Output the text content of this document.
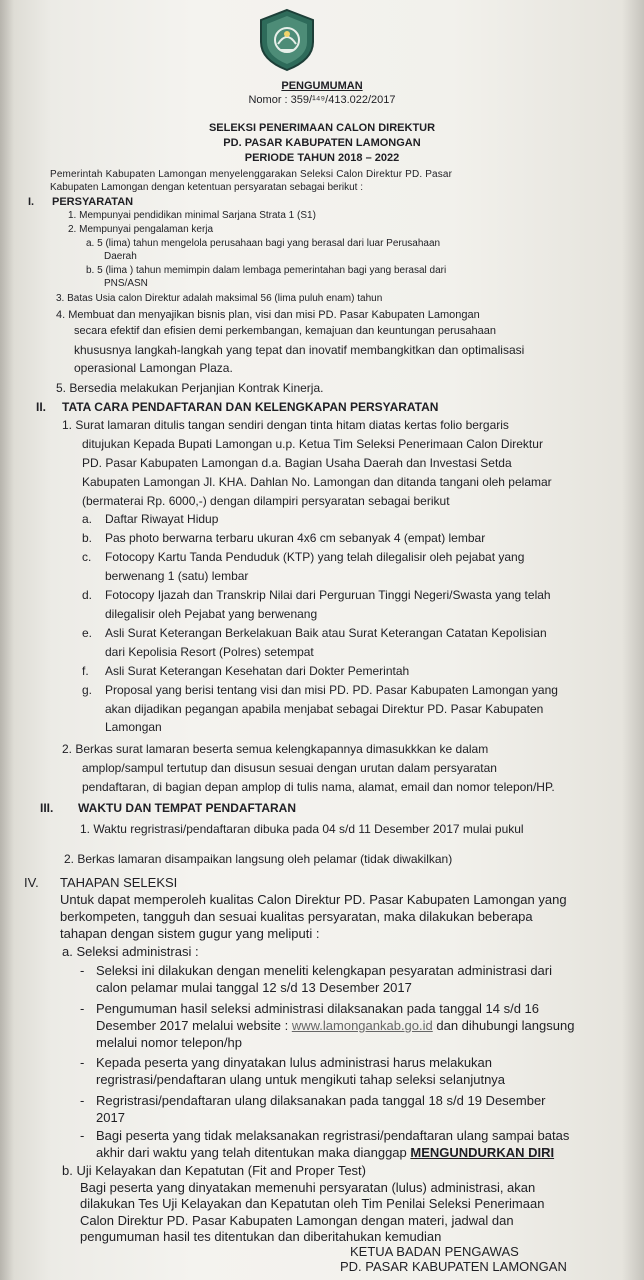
PENGUMUMAN
Nomor : 359/¹⁴⁹/413.022/2017
SELEKSI PENERIMAAN CALON DIREKTUR
PD. PASAR KABUPATEN LAMONGAN
PERIODE TAHUN 2018 – 2022
Pemerintah Kabupaten Lamongan menyelenggarakan Seleksi Calon Direktur PD. Pasar
Kabupaten Lamongan dengan ketentuan persyaratan sebagai berikut :
I. PERSYARATAN
1. Mempunyai pendidikan minimal Sarjana Strata 1 (S1)
2. Mempunyai pengalaman kerja
a. 5 (lima) tahun mengelola perusahaan bagi yang berasal dari luar Perusahaan
Daerah
b. 5 (lima ) tahun memimpin dalam lembaga pemerintahan bagi yang berasal dari
PNS/ASN
3. Batas Usia calon Direktur adalah maksimal 56 (lima puluh enam) tahun
4. Membuat dan menyajikan bisnis plan, visi dan misi PD. Pasar Kabupaten Lamongan
secara efektif dan efisien demi perkembangan, kemajuan dan keuntungan perusahaan
khususnya langkah-langkah yang tepat dan inovatif membangkitkan dan optimalisasi
operasional Lamongan Plaza.
5. Bersedia melakukan Perjanjian Kontrak Kinerja.
II. TATA CARA PENDAFTARAN DAN KELENGKAPAN PERSYARATAN
1. Surat lamaran ditulis tangan sendiri dengan tinta hitam diatas kertas folio bergaris
ditujukan Kepada Bupati Lamongan u.p. Ketua Tim Seleksi Penerimaan Calon Direktur
PD. Pasar Kabupaten Lamongan d.a. Bagian Usaha Daerah dan Investasi Setda
Kabupaten Lamongan Jl. KHA. Dahlan No. Lamongan dan ditanda tangani oleh pelamar
(bermaterai Rp. 6000,-) dengan dilampiri persyaratan sebagai berikut
a. Daftar Riwayat Hidup
b. Pas photo berwarna terbaru ukuran 4x6 cm sebanyak 4 (empat) lembar
c. Fotocopy Kartu Tanda Penduduk (KTP) yang telah dilegalisir oleh pejabat yang
berwenang 1 (satu) lembar
d. Fotocopy Ijazah dan Transkrip Nilai dari Perguruan Tinggi Negeri/Swasta yang telah
dilegalisir oleh Pejabat yang berwenang
e. Asli Surat Keterangan Berkelakuan Baik atau Surat Keterangan Catatan Kepolisian
dari Kepolisia Resort (Polres) setempat
f. Asli Surat Keterangan Kesehatan dari Dokter Pemerintah
g. Proposal yang berisi tentang visi dan misi PD. PD. Pasar Kabupaten Lamongan yang
akan dijadikan pegangan apabila menjabat sebagai Direktur PD. Pasar Kabupaten
Lamongan
2. Berkas surat lamaran beserta semua kelengkapannya dimasukkkan ke dalam
amplop/sampul tertutup dan disusun sesuai dengan urutan dalam persyaratan
pendaftaran, di bagian depan amplop di tulis nama, alamat, email dan nomor telepon/HP.
III. WAKTU DAN TEMPAT PENDAFTARAN
1. Waktu regristrasi/pendaftaran dibuka pada 04 s/d 11 Desember 2017 mulai pukul
2. Berkas lamaran disampaikan langsung oleh pelamar (tidak diwakilkan)
IV. TAHAPAN SELEKSI
Untuk dapat memperoleh kualitas Calon Direktur PD. Pasar Kabupaten Lamongan yang
berkompeten, tangguh dan sesuai kualitas persyaratan, maka dilakukan beberapa
tahapan dengan sistem gugur yang meliputi :
a. Seleksi administrasi :
- Seleksi ini dilakukan dengan meneliti kelengkapan pesyaratan administrasi dari
calon pelamar mulai tanggal 12 s/d 13 Desember 2017
- Pengumuman hasil seleksi administrasi dilaksanakan pada tanggal 14 s/d 16
Desember 2017 melalui website : www.lamongankab.go.id dan dihubungi langsung
melalui nomor telepon/hp
- Kepada peserta yang dinyatakan lulus administrasi harus melakukan
regristrasi/pendaftaran ulang untuk mengikuti tahap seleksi selanjutnya
- Regristrasi/pendaftaran ulang dilaksanakan pada tanggal 18 s/d 19 Desember
2017
- Bagi peserta yang tidak melaksanakan regristrasi/pendaftaran ulang sampai batas
akhir dari waktu yang telah ditentukan maka dianggap MENGUNDURKAN DIRI
b. Uji Kelayakan dan Kepatutan (Fit and Proper Test)
Bagi peserta yang dinyatakan memenuhi persyaratan (lulus) administrasi, akan
dilakukan Tes Uji Kelayakan dan Kepatutan oleh Tim Penilai Seleksi Penerimaan
Calon Direktur PD. Pasar Kabupaten Lamongan dengan materi, jadwal dan
pengumuman hasil tes ditentukan dan diberitahukan kemudian
KETUA BADAN PENGAWAS
PD. PASAR KABUPATEN LAMONGAN
